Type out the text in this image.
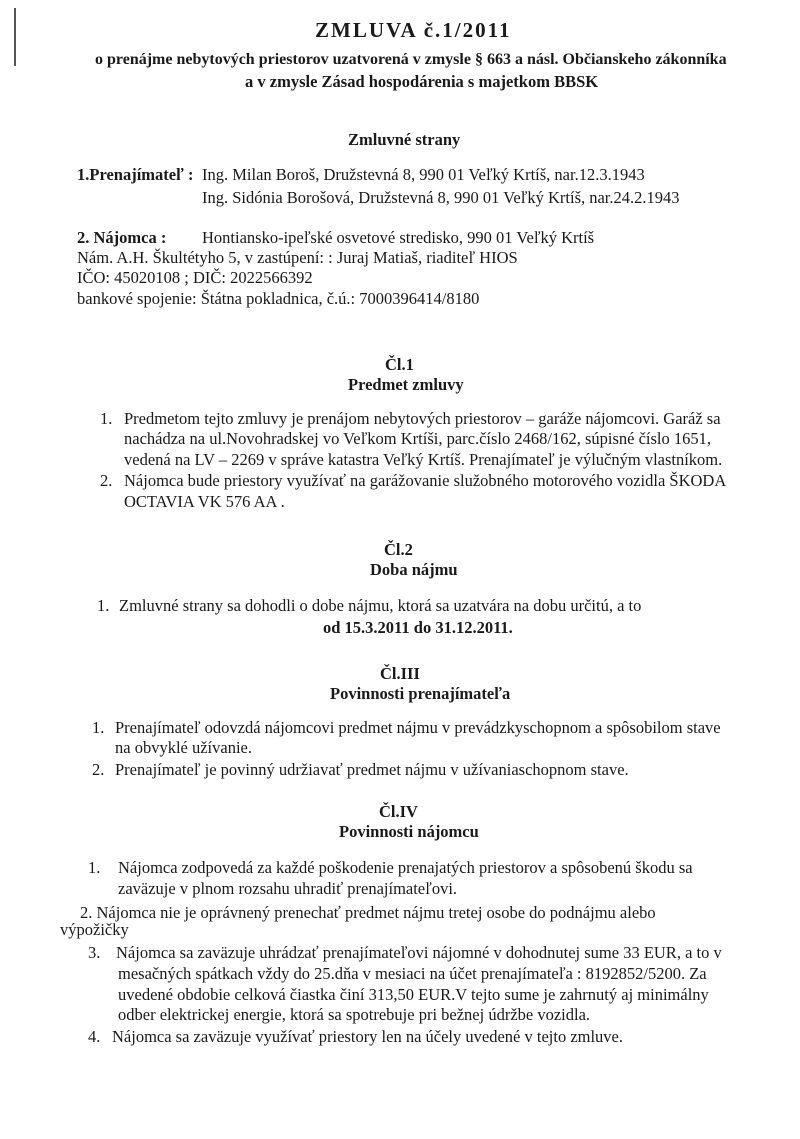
ZMLUVA č.1/2011
o prenájme nebytových priestorov uzatvorená v zmysle § 663 a násl. Občianskeho zákonníka
a v zmysle Zásad hospodárenia s majetkom BBSK
Zmluvné strany
1.Prenajímateľ : Ing. Milan Boroš, Družstevná 8, 990 01 Veľký Krtíš, nar.12.3.1943
Ing. Sidónia Borošová, Družstevná 8, 990 01 Veľký Krtíš, nar.24.2.1943
2. Nájomca : Hontiansko-ipeľské osvetové stredisko, 990 01 Veľký Krtíš
Nám. A.H. Škultétyho 5, v zastúpení: : Juraj Matiaš, riaditeľ HIOS
IČO: 45020108 ; DIČ: 2022566392
bankové spojenie: Štátna pokladnica, č.ú.: 7000396414/8180
Čl.1
Predmet zmluvy
1. Predmetom tejto zmluvy je prenájom nebytových priestorov – garáže nájomcovi. Garáž sa
nachádza na ul.Novohradskej vo Veľkom Krtíši, parc.číslo 2468/162, súpisné číslo 1651,
vedená na LV – 2269 v správe katastra Veľký Krtíš. Prenajímateľ je výlučným vlastníkom.
2. Nájomca bude priestory využívať na garážovanie služobného motorového vozidla ŠKODA
OCTAVIA VK 576 AA .
Čl.2
Doba nájmu
1. Zmluvné strany sa dohodli o dobe nájmu, ktorá sa uzatvára na dobu určitú, a to
od 15.3.2011 do 31.12.2011.
Čl.III
Povinnosti prenajímateľa
1. Prenajímateľ odovzdá nájomcovi predmet nájmu v prevádzkyschopnom a spôsobilom stave
na obvyklé užívanie.
2. Prenajímateľ je povinný udržiavať predmet nájmu v užívaniaschopnom stave.
Čl.IV
Povinnosti nájomcu
1. Nájomca zodpovedá za každé poškodenie prenajatých priestorov a spôsobenú škodu sa
zaväzuje v plnom rozsahu uhradiť prenajímateľovi.
2. Nájomca nie je oprávnený prenechať predmet nájmu tretej osobe do podnájmu alebo
výpožičky
3. Nájomca sa zaväzuje uhrádzať prenajímateľovi nájomné v dohodnutej sume 33 EUR, a to v
mesačných spátkach vždy do 25.dňa v mesiaci na účet prenajímateľa : 8192852/5200. Za
uvedené obdobie celková čiastka činí 313,50 EUR.V tejto sume je zahrnutý aj minimálny
odber elektrickej energie, ktorá sa spotrebuje pri bežnej údržbe vozidla.
4. Nájomca sa zaväzuje využívať priestory len na účely uvedené v tejto zmluve.
